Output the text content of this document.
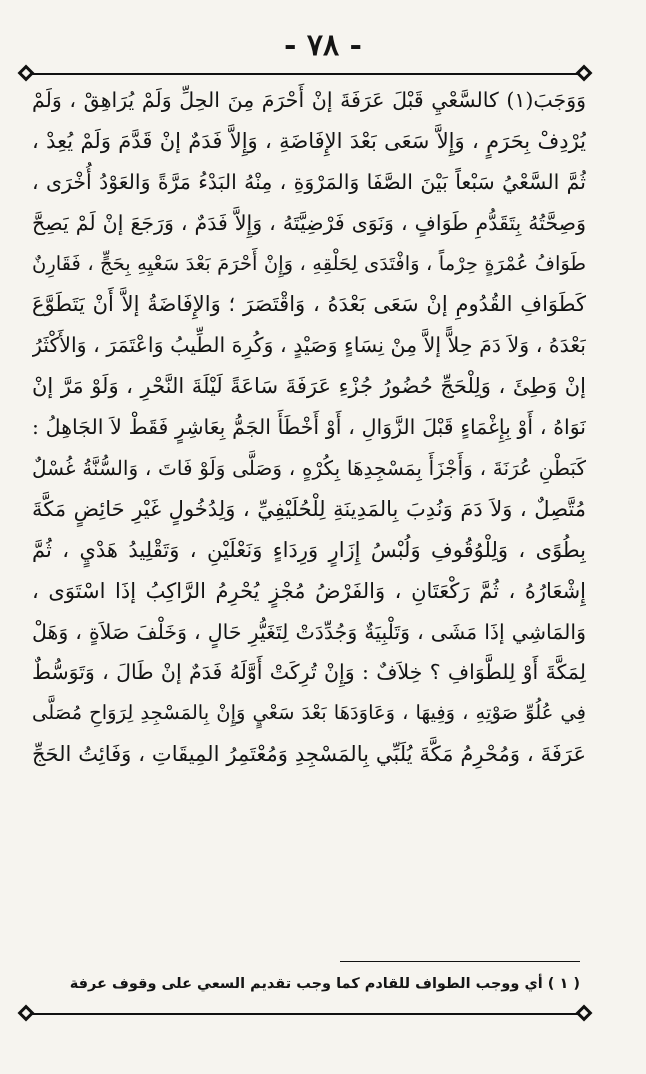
- ٧٨ -
وَوَجَبَ(١) كالسَّعْيِ قَبْلَ عَرَفَةَ إنْ أَحْرَمَ مِنَ الحِلِّ وَلَمْ يُرَاهِقْ ، وَلَمْ
يُرْدِفْ بِحَرَمٍ ، وَإِلاَّ سَعَى بَعْدَ الإِفَاضَةِ ، وَإِلاَّ فَدَمٌ إنْ قَدَّمَ وَلَمْ يُعِدْ ،
ثُمَّ السَّعْيُ سَبْعاً بَيْنَ الصَّفَا وَالمَرْوَةِ ، مِنْهُ البَدْءُ مَرَّةً وَالعَوْدُ أُخْرَى ،
وَصِحَّتُهُ بِتَقَدُّمِ طَوَافٍ ، وَنَوَى فَرْضِيَّتَهُ ، وَإِلاَّ فَدَمٌ ، وَرَجَعَ إنْ لَمْ يَصِحَّ
طَوَافُ عُمْرَةٍ حِرْماً ، وَافْتَدَى لِحَلْقِهِ ، وَإِنْ أَحْرَمَ بَعْدَ سَعْيِهِ بِحَجٍّ ، فَقَارِنٌ
كَطَوَافِ القُدُومِ إنْ سَعَى بَعْدَهُ ، وَاقْتَصَرَ ؛ وَالإِفَاضَةُ إلاَّ أَنْ يَتَطَوَّعَ
بَعْدَهُ ، وَلاَ دَمَ حِلاًّ إلاَّ مِنْ نِسَاءٍ وَصَيْدٍ ، وَكُرِهَ الطِّيبُ وَاعْتَمَرَ ، وَالأَكْثَرُ
إنْ وَطِئَ ، وَلِلْحَجِّ حُضُورُ جُزْءِ عَرَفَةَ سَاعَةً لَيْلَةَ النَّحْرِ ، وَلَوْ مَرَّ إنْ
نَوَاهُ ، أَوْ بِإِغْمَاءٍ قَبْلَ الزَّوَالِ ، أَوْ أَخْطَأَ الجَمُّ بِعَاشِرٍ فَقَطْ لاَ الجَاهِلُ :
كَبَطْنِ عُرَنَةَ ، وَأَجْزَأَ بِمَسْجِدِهَا بِكُرْهٍ ، وَصَلَّى وَلَوْ فَاتَ ، وَالسُّنَّةُ غُسْلٌ
مُتَّصِلٌ ، وَلاَ دَمَ وَنُدِبَ بِالمَدِينَةِ لِلْحُلَيْفِيِّ ، وَلِدُخُولٍ غَيْرِ حَائِضٍ مَكَّةَ
بِطُوًى ، وَلِلْوُقُوفِ وَلُبْسُ إِزَارٍ وَرِدَاءٍ وَنَعْلَيْنِ ، وَتَقْلِيدُ هَدْيٍ ، ثُمَّ
إِشْعَارُهُ ، ثُمَّ رَكْعَتَانِ ، وَالفَرْضُ مُجْزٍ يُحْرِمُ الرَّاكِبُ إذَا اسْتَوَى ،
وَالمَاشِي إذَا مَشَى ، وَتَلْبِيَةٌ وَجُدِّدَتْ لِتَغَيُّرِ حَالٍ ، وَخَلْفَ صَلاَةٍ ، وَهَلْ
لِمَكَّةَ أَوْ لِلطَّوَافِ ؟ خِلاَفٌ : وَإِنْ تُرِكَتْ أَوَّلَهُ فَدَمٌ إنْ طَالَ ، وَتَوَسُّطٌ
فِي عُلُوِّ صَوْتِهِ ، وَفِيهَا ، وَعَاوَدَهَا بَعْدَ سَعْيٍ وَإِنْ بِالمَسْجِدِ لِرَوَاحِ مُصَلَّى
عَرَفَةَ ، وَمُحْرِمُ مَكَّةَ يُلَبِّي بِالمَسْجِدِ وَمُعْتَمِرُ المِيقَاتِ ، وَفَائِتُ الحَجِّ
( ١ ) أي ووجب الطواف للقادم كما وجب تقديم السعي على وقوف عرفة
